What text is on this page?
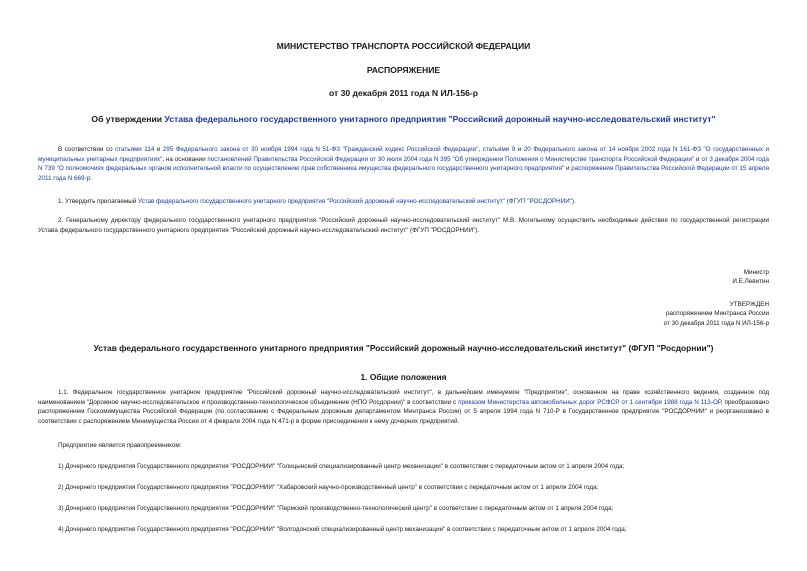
МИНИСТЕРСТВО ТРАНСПОРТА РОССИЙСКОЙ ФЕДЕРАЦИИ
РАСПОРЯЖЕНИЕ
от 30 декабря 2011 года N ИЛ-156-р
Об утверждении Устава федерального государственного унитарного предприятия "Российский дорожный научно-исследовательский институт"
В соответствии со статьями 114 и 295 Федерального закона от 30 ноября 1994 года N 51-ФЗ "Гражданский кодекс Российской Федерации", статьями 9 и 20 Федерального закона от 14 ноября 2002 года N 161-ФЗ "О государственных и муниципальных унитарных предприятиях", на основании постановлений Правительства Российской Федерации от 30 июля 2004 года N 395 "Об утверждении Положения о Министерстве транспорта Российской Федерации" и от 3 декабря 2004 года N 739 "О полномочиях федеральных органов исполнительной власти по осуществлению прав собственника имущества федерального государственного унитарного предприятия" и распоряжения Правительства Российской Федерации от 15 апреля 2011 года N 669-р:
1. Утвердить прилагаемый Устав федерального государственного унитарного предприятия "Российский дорожный научно-исследовательский институт" (ФГУП "РОСДОРНИИ").
2. Генеральному директору федерального государственного унитарного предприятия "Российский дорожный научно-исследовательский институт" М.В. Могильному осуществить необходимые действия по государственной регистрации Устава федерального государственного унитарного предприятия "Российский дорожный научно-исследовательский институт" (ФГУП "РОСДОРНИИ").
Министр
И.Е.Левитин
УТВЕРЖДЕН
распоряжением Минтранса России
от 30 декабря 2011 года N ИЛ-156-р
Устав федерального государственного унитарного предприятия "Российский дорожный научно-исследовательский институт" (ФГУП "Росдорнии")
1. Общие положения
1.1. Федеральное государственное унитарное предприятие "Российский дорожный научно-исследовательский институт", в дальнейшем именуемое "Предприятие", основанное на праве хозяйственного ведения, созданное под наименованием "Дорожное научно-исследовательское и производственно-технологическое объединение (НПО Росдорнии)" в соответствии с приказом Министерства автомобильных дорог РСФСР от 1 сентября 1988 года N 113-ОР, преобразовано распоряжением Госкомимущества Российской Федерации (по согласованию с Федеральным дорожным департаментом Минтранса России) от 5 апреля 1994 года N 710-Р в Государственное предприятие "РОСДОРНИИ" и реорганизовано в соответствии с распоряжением Минимущества России от 4 февраля 2004 года N 471-р в форме присоединения к нему дочерних предприятий.
Предприятие является правопреемником:
1) Дочернего предприятия Государственного предприятия "РОСДОРНИИ" "Голицынский специализированный центр механизации" в соответствии с передаточным актом от 1 апреля 2004 года;
2) Дочернего предприятия Государственного предприятия "РОСДОРНИИ" "Хабаровский научно-производственный центр" в соответствии с передаточным актом от 1 апреля 2004 года;
3) Дочернего предприятия Государственного предприятия "РОСДОРНИИ" "Пермский производственно-технологический центр" в соответствии с передаточным актом от 1 апреля 2004 года;
4) Дочернего предприятия Государственного предприятия "РОСДОРНИИ" "Волгодонский специализированный центр механизации" в соответствии с передаточным актом от 1 апреля 2004 года;
